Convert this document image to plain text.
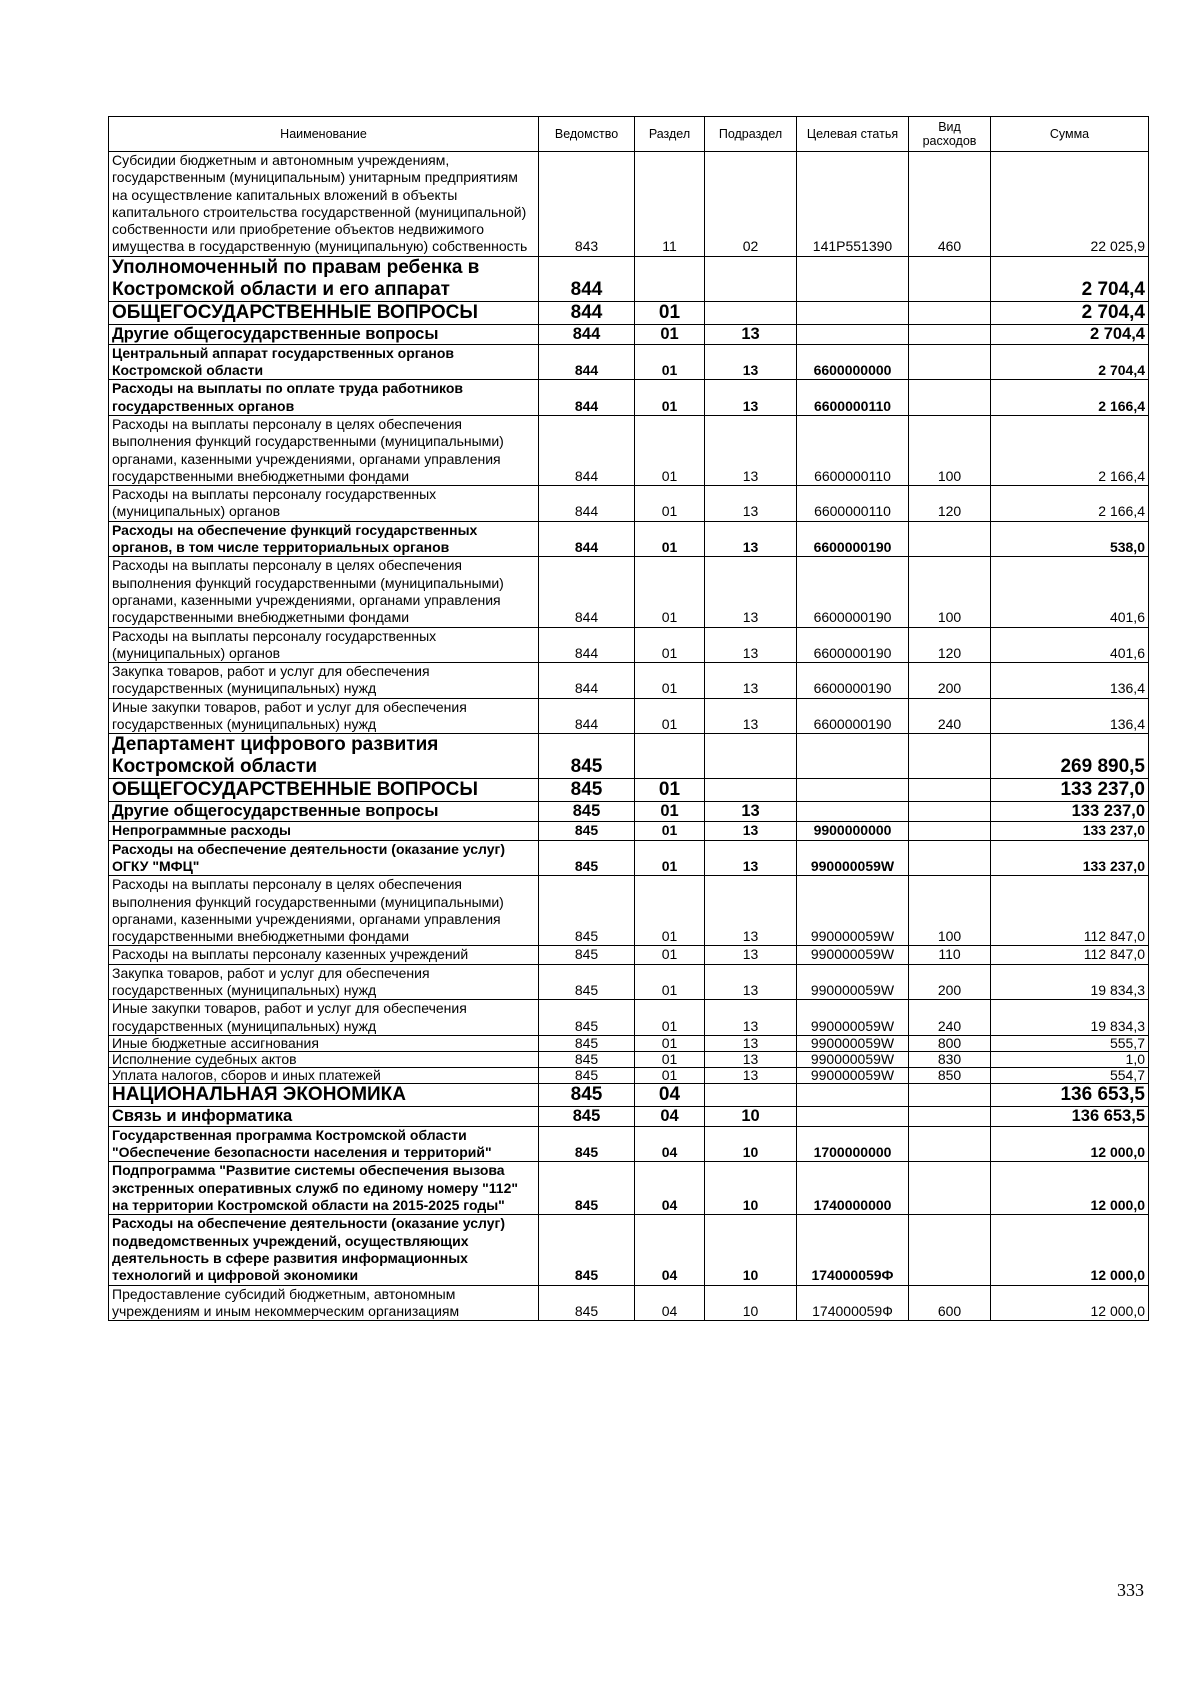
Наименование	Ведомство	Раздел	Подраздел	Целевая статья	Вид расходов	Сумма
Субсидии бюджетным и автономным учреждениям, государственным (муниципальным) унитарным предприятиям на осуществление капитальных вложений в объекты капитального строительства государственной (муниципальной) собственности или приобретение объектов недвижимого имущества в государственную (муниципальную) собственность	843	11	02	141P551390	460	22 025,9
Уполномоченный по правам ребенка в Костромской области и его аппарат	844					2 704,4
ОБЩЕГОСУДАРСТВЕННЫЕ ВОПРОСЫ	844	01				2 704,4
Другие общегосударственные вопросы	844	01	13			2 704,4
Центральный аппарат государственных органов Костромской области	844	01	13	6600000000		2 704,4
Расходы на выплаты по оплате труда работников государственных органов	844	01	13	6600000110		2 166,4
Расходы на выплаты персоналу в целях обеспечения выполнения функций государственными (муниципальными) органами, казенными учреждениями, органами управления государственными внебюджетными фондами	844	01	13	6600000110	100	2 166,4
Расходы на выплаты персоналу государственных (муниципальных) органов	844	01	13	6600000110	120	2 166,4
Расходы на обеспечение функций государственных органов, в том числе территориальных органов	844	01	13	6600000190		538,0
Расходы на выплаты персоналу в целях обеспечения выполнения функций государственными (муниципальными) органами, казенными учреждениями, органами управления государственными внебюджетными фондами	844	01	13	6600000190	100	401,6
Расходы на выплаты персоналу государственных (муниципальных) органов	844	01	13	6600000190	120	401,6
Закупка товаров, работ и услуг для обеспечения государственных (муниципальных) нужд	844	01	13	6600000190	200	136,4
Иные закупки товаров, работ и услуг для обеспечения государственных (муниципальных) нужд	844	01	13	6600000190	240	136,4
Департамент цифрового развития Костромской области	845					269 890,5
ОБЩЕГОСУДАРСТВЕННЫЕ ВОПРОСЫ	845	01				133 237,0
Другие общегосударственные вопросы	845	01	13			133 237,0
Непрограммные расходы	845	01	13	9900000000		133 237,0
Расходы на обеспечение деятельности (оказание услуг) ОГКУ "МФЦ"	845	01	13	990000059W		133 237,0
Расходы на выплаты персоналу в целях обеспечения выполнения функций государственными (муниципальными) органами, казенными учреждениями, органами управления государственными внебюджетными фондами	845	01	13	990000059W	100	112 847,0
Расходы на выплаты персоналу казенных учреждений	845	01	13	990000059W	110	112 847,0
Закупка товаров, работ и услуг для обеспечения государственных (муниципальных) нужд	845	01	13	990000059W	200	19 834,3
Иные закупки товаров, работ и услуг для обеспечения государственных (муниципальных) нужд	845	01	13	990000059W	240	19 834,3
Иные бюджетные ассигнования	845	01	13	990000059W	800	555,7
Исполнение судебных актов	845	01	13	990000059W	830	1,0
Уплата налогов, сборов и иных платежей	845	01	13	990000059W	850	554,7
НАЦИОНАЛЬНАЯ ЭКОНОМИКА	845	04				136 653,5
Связь и информатика	845	04	10			136 653,5
Государственная программа Костромской области "Обеспечение безопасности населения и территорий"	845	04	10	1700000000		12 000,0
Подпрограмма "Развитие системы обеспечения вызова экстренных оперативных служб по единому номеру "112" на территории Костромской области на 2015-2025 годы"	845	04	10	1740000000		12 000,0
Расходы на обеспечение деятельности (оказание услуг) подведомственных учреждений, осуществляющих деятельность в сфере развития информационных технологий и цифровой экономики	845	04	10	174000059Ф		12 000,0
Предоставление субсидий бюджетным, автономным учреждениям и иным некоммерческим организациям	845	04	10	174000059Ф	600	12 000,0
333
